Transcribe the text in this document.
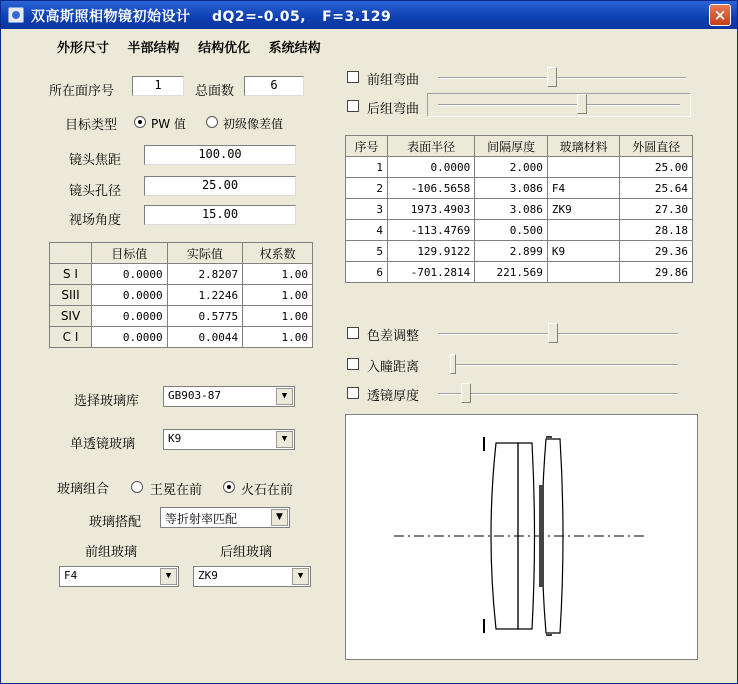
双高斯照相物镜初始设计    dQ2=-0.05,   F=3.129	×
外形尺寸 半部结构 结构优化 系统结构
所在面序号	1	总面数	6
目标类型	PW 值	初级像差值
镜头焦距	100.00
镜头孔径	25.00
视场角度	15.00
	目标值	实际值	权系数
S I	0.0000	2.8207	1.00
SIII	0.0000	1.2246	1.00
SIV	0.0000	0.5775	1.00
C I	0.0000	0.0044	1.00
选择玻璃库	GB903-87	▼
单透镜玻璃	K9	▼
玻璃组合	王冕在前	火石在前
玻璃搭配	等折射率匹配	▼
前组玻璃
F4	▼
后组玻璃
ZK9	▼
前组弯曲
后组弯曲
序号	表面半径	间隔厚度	玻璃材料	外圆直径
1	0.0000	2.000		25.00
2	-106.5658	3.086	F4	25.64
3	1973.4903	3.086	ZK9	27.30
4	-113.4769	0.500		28.18
5	129.9122	2.899	K9	29.36
6	-701.2814	221.569		29.86
色差调整
入瞳距离
透镜厚度
